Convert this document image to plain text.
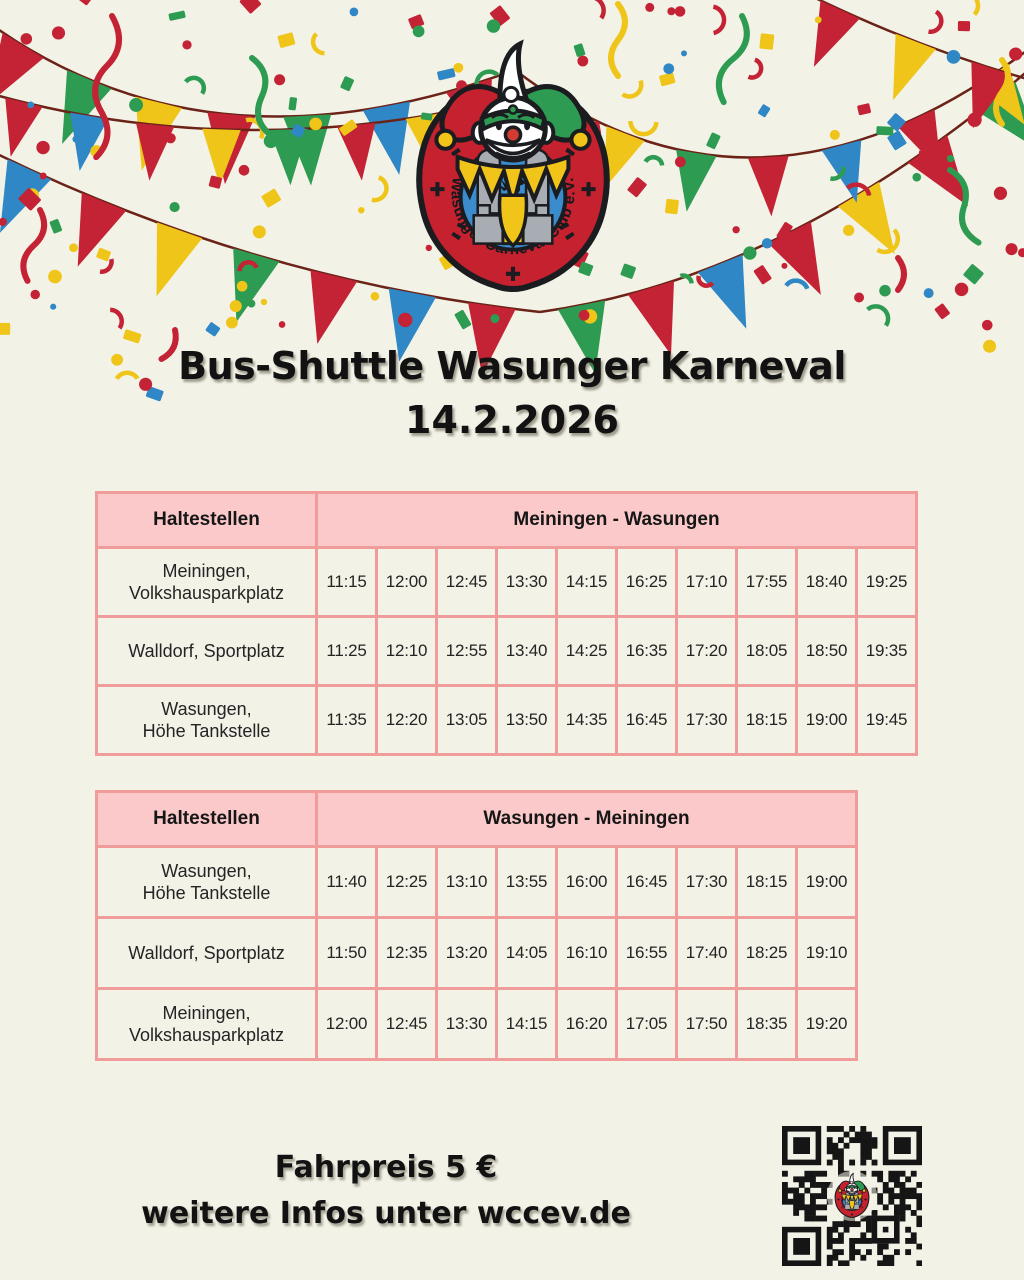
Bus-Shuttle Wasunger Karneval
14.2.2026
Haltestellen	Meiningen - Wasungen									
Meiningen,
Volkshausparkplatz	11:15	12:00	12:45	13:30	14:15	16:25	17:10	17:55	18:40	19:25
Walldorf, Sportplatz	11:25	12:10	12:55	13:40	14:25	16:35	17:20	18:05	18:50	19:35
Wasungen,
Höhe Tankstelle	11:35	12:20	13:05	13:50	14:35	16:45	17:30	18:15	19:00	19:45
Haltestellen	Wasungen - Meiningen								
Wasungen,
Höhe Tankstelle	11:40	12:25	13:10	13:55	16:00	16:45	17:30	18:15	19:00
Walldorf, Sportplatz	11:50	12:35	13:20	14:05	16:10	16:55	17:40	18:25	19:10
Meiningen,
Volkshausparkplatz	12:00	12:45	13:30	14:15	16:20	17:05	17:50	18:35	19:20
Fahrpreis 5 €
weitere Infos unter wccev.de
